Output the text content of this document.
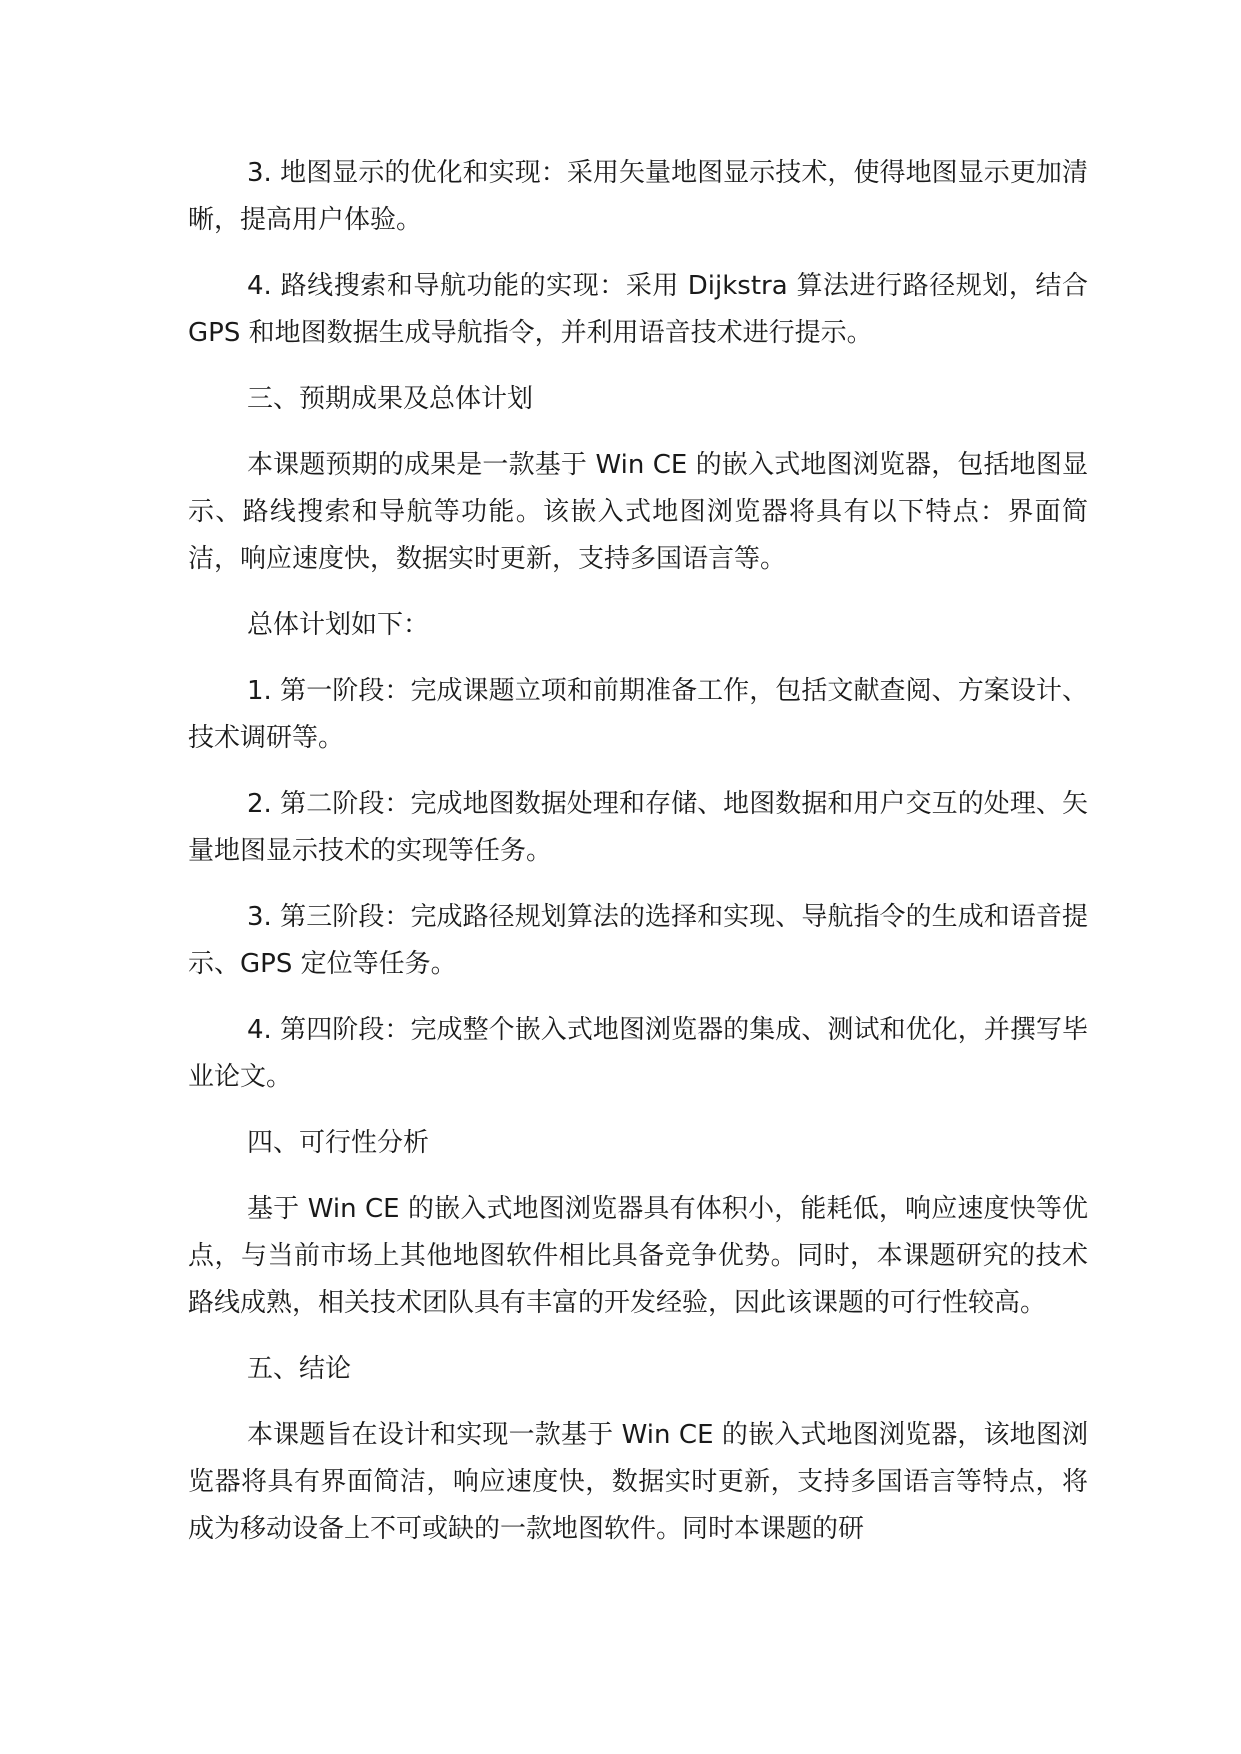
3. 地图显示的优化和实现：采用矢量地图显示技术，使得地图显示更加清晰，提高用户体验。

4. 路线搜索和导航功能的实现：采用 Dijkstra 算法进行路径规划，结合 GPS 和地图数据生成导航指令，并利用语音技术进行提示。

三、预期成果及总体计划

本课题预期的成果是一款基于 Win CE 的嵌入式地图浏览器，包括地图显示、路线搜索和导航等功能。该嵌入式地图浏览器将具有以下特点：界面简洁，响应速度快，数据实时更新，支持多国语言等。

总体计划如下：

1. 第一阶段：完成课题立项和前期准备工作，包括文献查阅、方案设计、技术调研等。

2. 第二阶段：完成地图数据处理和存储、地图数据和用户交互的处理、矢量地图显示技术的实现等任务。

3. 第三阶段：完成路径规划算法的选择和实现、导航指令的生成和语音提示、GPS 定位等任务。

4. 第四阶段：完成整个嵌入式地图浏览器的集成、测试和优化，并撰写毕业论文。

四、可行性分析

基于 Win CE 的嵌入式地图浏览器具有体积小，能耗低，响应速度快等优点，与当前市场上其他地图软件相比具备竞争优势。同时，本课题研究的技术路线成熟，相关技术团队具有丰富的开发经验，因此该课题的可行性较高。

五、结论

本课题旨在设计和实现一款基于 Win CE 的嵌入式地图浏览器，该地图浏览器将具有界面简洁，响应速度快，数据实时更新，支持多国语言等特点，将成为移动设备上不可或缺的一款地图软件。同时本课题的研
